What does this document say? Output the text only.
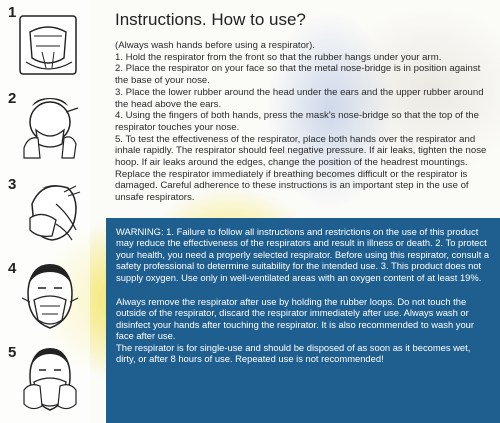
1
2
3
4
5
Instructions. How to use?

(Always wash hands before using a respirator).

1. Hold the respirator from the front so that the rubber hangs under your arm.

2. Place the respirator on your face so that the metal nose-bridge is in position against the base of your nose.

3. Place the lower rubber around the head under the ears and the upper rubber around the head above the ears.

4. Using the fingers of both hands, press the mask's nose-bridge so that the top of the respirator touches your nose.

5. To test the effectiveness of the respirator, place both hands over the respirator and inhale rapidly. The respirator should feel negative pressure. If air leaks, tighten the nose hoop. If air leaks around the edges, change the position of the headrest mountings. Replace the respirator immediately if breathing becomes difficult or the respirator is damaged. Careful adherence to these instructions is an important step in the use of unsafe respirators.

WARNING: 1. Failure to follow all instructions and restrictions on the use of this product may reduce the effectiveness of the respirators and result in illness or death. 2. To protect your health, you need a properly selected respirator. Before using this respirator, consult a safety professional to determine suitability for the intended use. 3. This product does not supply oxygen. Use only in well-ventilated areas with an oxygen content of at least 19%.

Always remove the respirator after use by holding the rubber loops. Do not touch the outside of the respirator, discard the respirator immediately after use. Always wash or disinfect your hands after touching the respirator. It is also recommended to wash your face after use.

The respirator is for single-use and should be disposed of as soon as it becomes wet, dirty, or after 8 hours of use. Repeated use is not recommended!
